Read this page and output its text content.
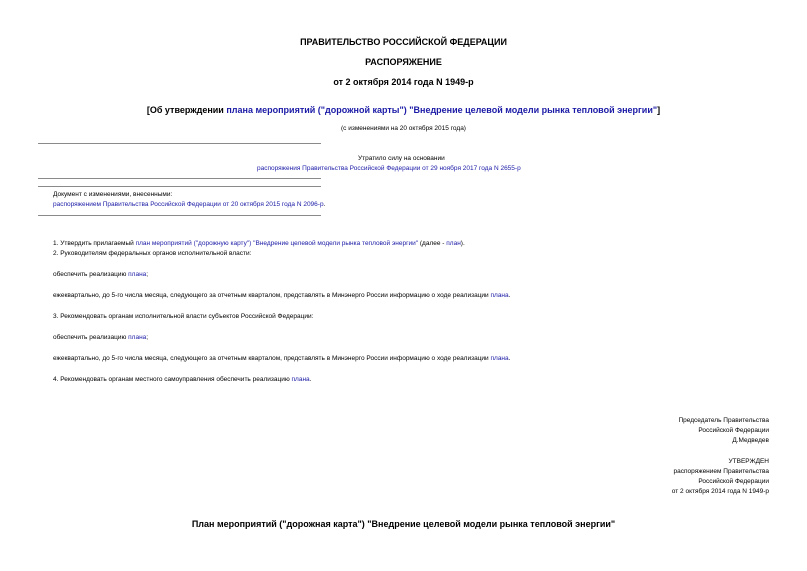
ПРАВИТЕЛЬСТВО РОССИЙСКОЙ ФЕДЕРАЦИИ
РАСПОРЯЖЕНИЕ
от 2 октября 2014 года N 1949-р
[Об утверждении плана мероприятий ("дорожной карты") "Внедрение целевой модели рынка тепловой энергии"]
(с изменениями на 20 октября 2015 года)
Утратило силу на основании
распоряжения Правительства Российской Федерации от 29 ноября 2017 года N 2655-р
Документ с изменениями, внесенными:
распоряжением Правительства Российской Федерации от 20 октября 2015 года N 2096-р.
1. Утвердить прилагаемый план мероприятий ("дорожную карту") "Внедрение целевой модели рынка тепловой энергии" (далее - план).
2. Руководителям федеральных органов исполнительной власти:
обеспечить реализацию плана;
ежеквартально, до 5-го числа месяца, следующего за отчетным кварталом, представлять в Минэнерго России информацию о ходе реализации плана.
3. Рекомендовать органам исполнительной власти субъектов Российской Федерации:
обеспечить реализацию плана;
ежеквартально, до 5-го числа месяца, следующего за отчетным кварталом, представлять в Минэнерго России информацию о ходе реализации плана.
4. Рекомендовать органам местного самоуправления обеспечить реализацию плана.
Председатель Правительства
Российской Федерации
Д.Медведев
УТВЕРЖДЕН
распоряжением Правительства
Российской Федерации
от 2 октября 2014 года N 1949-р
План мероприятий ("дорожная карта") "Внедрение целевой модели рынка тепловой энергии"
